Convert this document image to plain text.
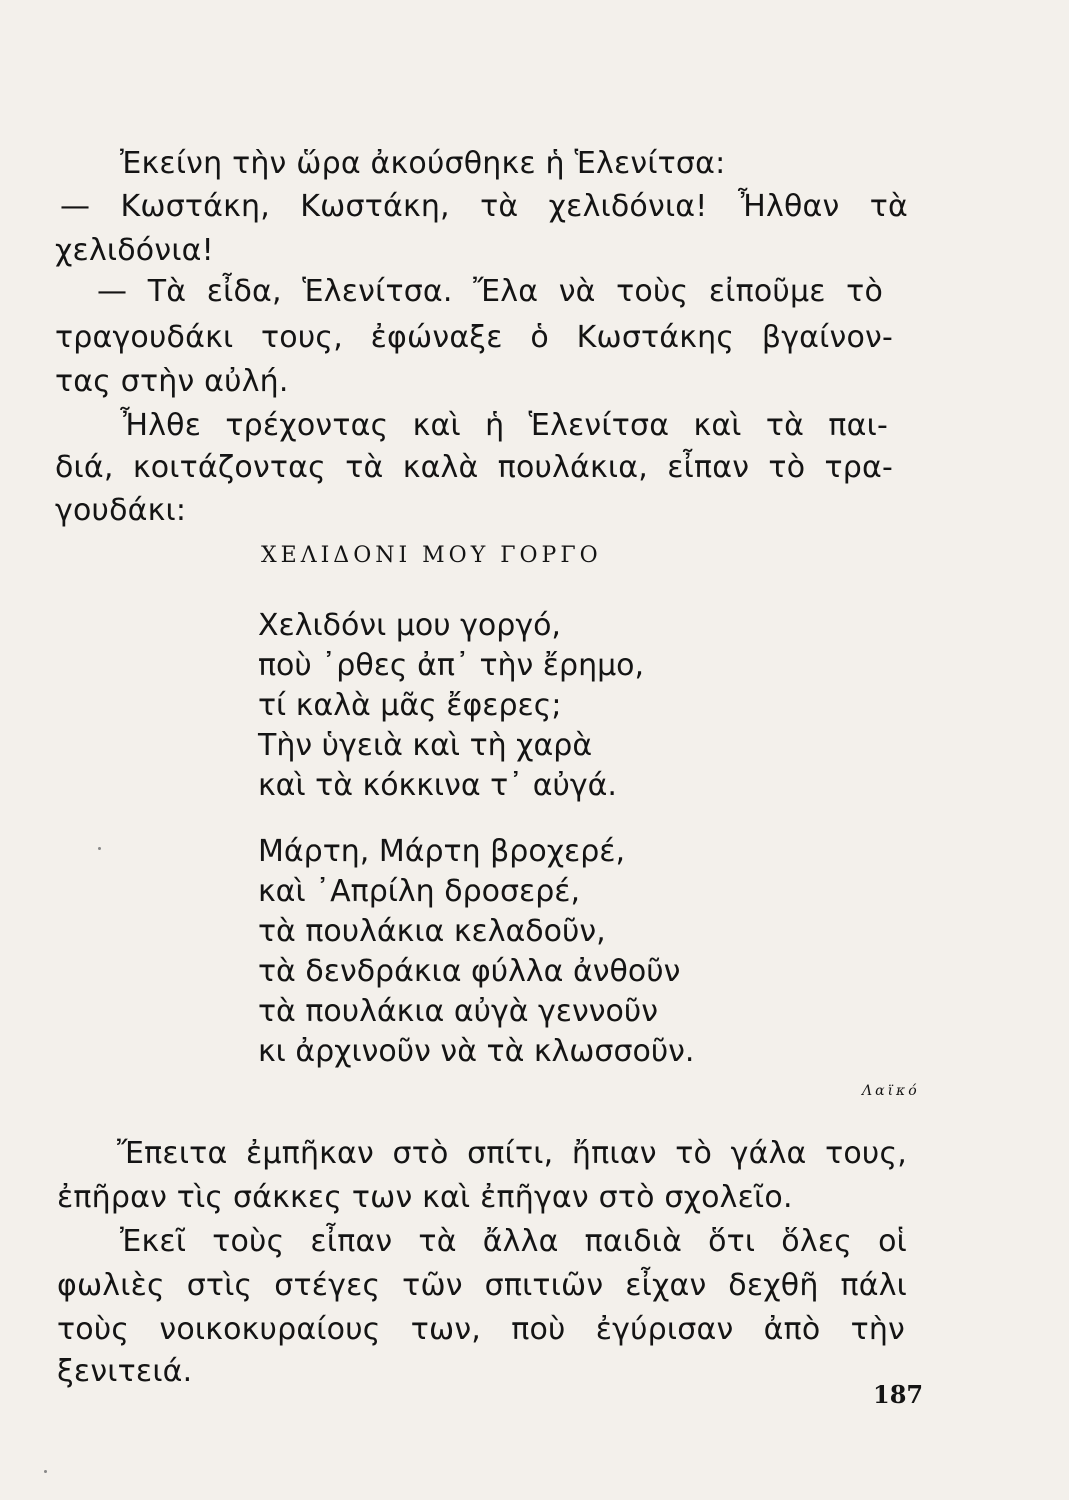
Ἐκείνη τὴν ὥρα ἀκούσθηκε ἡ Ἑλενίτσα:
— Κωστάκη, Κωστάκη, τὰ χελιδόνια! Ἦλθαν τὰ
χελιδόνια!
— Τὰ εἶδα, Ἑλενίτσα. Ἔλα νὰ τοὺς εἰποῦμε τὸ
τραγουδάκι τους, ἐφώναξε ὁ Κωστάκης βγαίνον-
τας στὴν αὐλή.
Ἦλθε τρέχοντας καὶ ἡ Ἑλενίτσα καὶ τὰ παι-
διά, κοιτάζοντας τὰ καλὰ πουλάκια, εἶπαν τὸ τρα-
γουδάκι:
ΧΕΛΙΔΟΝΙ ΜΟΥ ΓΟΡΓΟ
Χελιδόνι μου γοργό,
ποὺ ᾿ρθες ἀπ᾿ τὴν ἔρημο,
τί καλὰ μᾶς ἔφερες;
Τὴν ὑγειὰ καὶ τὴ χαρὰ
καὶ τὰ κόκκινα τ᾿ αὐγά.
Μάρτη, Μάρτη βροχερέ,
καὶ ᾿Απρίλη δροσερέ,
τὰ πουλάκια κελαδοῦν,
τὰ δενδράκια φύλλα ἀνθοῦν
τὰ πουλάκια αὐγὰ γεννοῦν
κι ἀρχινοῦν νὰ τὰ κλωσσοῦν.
Λαϊκό
Ἔπειτα ἐμπῆκαν στὸ σπίτι, ἤπιαν τὸ γάλα τους,
ἐπῆραν τὶς σάκκες των καὶ ἐπῆγαν στὸ σχολεῖο.
Ἐκεῖ τοὺς εἶπαν τὰ ἄλλα παιδιὰ ὅτι ὅλες οἱ
φωλιὲς στὶς στέγες τῶν σπιτιῶν εἶχαν δεχθῆ πάλι
τοὺς νοικοκυραίους των, ποὺ ἐγύρισαν ἀπὸ τὴν
ξενιτειά.
187
